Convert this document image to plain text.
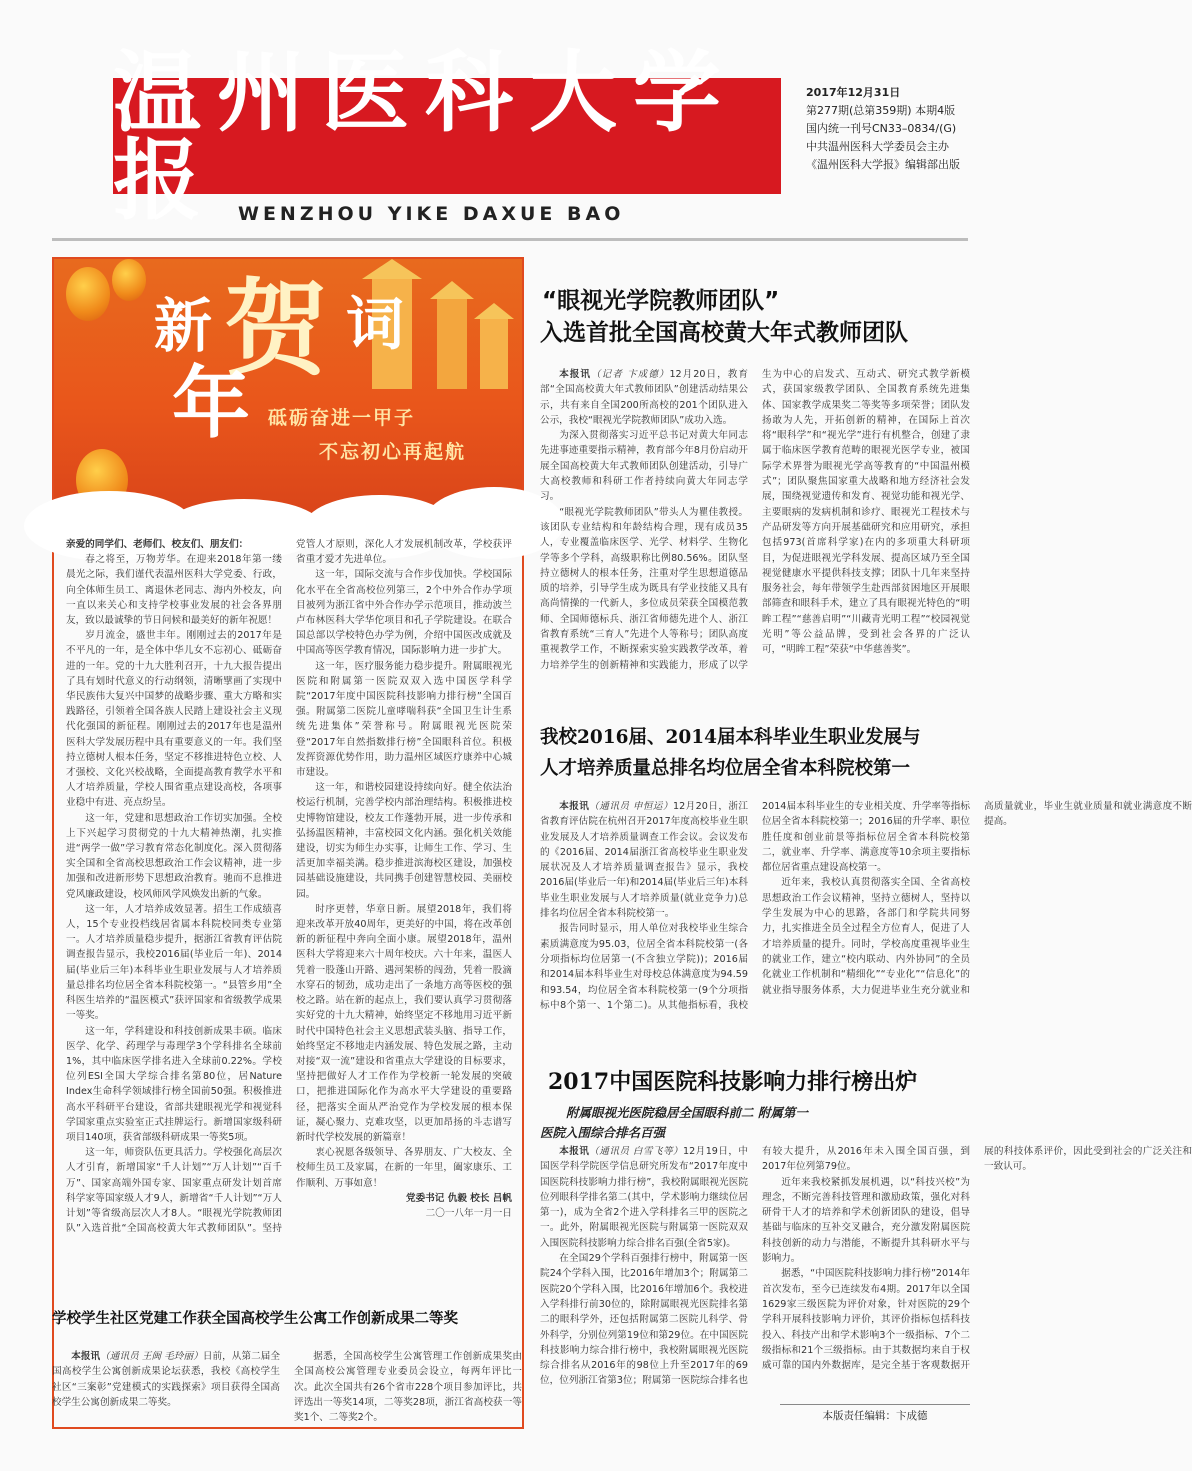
温州医科大学报	WENZHOU YIKE DAXUE BAO
2017年12月31日
第277期(总第359期) 本期4版
国内统一刊号CN33–0834/(G)
中共温州医科大学委员会主办
《温州医科大学报》编辑部出版
新 贺 词
年 砥砺奋进一甲子
不忘初心再起航

亲爱的同学们、老师们、校友们、朋友们：

春之将至，万物芳华。在迎来2018年第一缕晨光之际，我们谨代表温州医科大学党委、行政，向全体师生员工、离退休老同志、海内外校友，向一直以来关心和支持学校事业发展的社会各界朋友，致以最诚挚的节日问候和最美好的新年祝愿！

岁月流金，盛世丰年。刚刚过去的2017年是不平凡的一年，是全体中华儿女不忘初心、砥砺奋进的一年。党的十九大胜利召开，十九大报告提出了具有划时代意义的行动纲领，清晰擘画了实现中华民族伟大复兴中国梦的战略步骤、重大方略和实践路径，引领着全国各族人民踏上建设社会主义现代化强国的新征程。刚刚过去的2017年也是温州医科大学发展历程中具有重要意义的一年。我们坚持立德树人根本任务，坚定不移推进特色立校、人才强校、文化兴校战略，全面提高教育教学水平和人才培养质量，学校人围省重点建设高校，各项事业稳中有进、亮点纷呈。

这一年，党建和思想政治工作切实加强。全校上下兴起学习贯彻党的十九大精神热潮，扎实推进“两学一做”学习教育常态化制度化。深入贯彻落实全国和全省高校思想政治工作会议精神，进一步加强和改进新形势下思想政治教育。驰而不息推进党风廉政建设，校风师风学风焕发出新的气象。

这一年，人才培养成效显著。招生工作成绩喜人，15个专业投档线居省属本科院校同类专业第一。人才培养质量稳步提升，据浙江省教育评估院调查报告显示，我校2016届(毕业后一年)、2014届(毕业后三年)本科毕业生职业发展与人才培养质量总排名均位居全省本科院校第一。“县管乡用”全科医生培养的“温医模式”获评国家和省级教学成果一等奖。

这一年，学科建设和科技创新成果丰硕。临床医学、化学、药理学与毒理学3个学科排名全球前1%，其中临床医学排名进入全球前0.22%。学校位列ESI全国大学综合排名第80位，居Nature Index生命科学领域排行榜全国前50强。积极推进高水平科研平台建设，省部共建眼视光学和视觉科学国家重点实验室正式挂牌运行。新增国家级科研项目140项，获省部级科研成果一等奖5项。

这一年，师资队伍更具活力。学校强化高层次人才引育，新增国家“千人计划”“万人计划”“百千万”、国家高端外国专家、国家重点研发计划首席科学家等国家级人才9人，新增省“千人计划”“万人计划”等省级高层次人才8人。“眼视光学院教师团队”入选首批“全国高校黄大年式教师团队”。坚持党管人才原则，深化人才发展机制改革，学校获评省重才爱才先进单位。

这一年，国际交流与合作步伐加快。学校国际化水平在全省高校位列第三，2个中外合作办学项目被列为浙江省中外合作办学示范项目，推动波兰卢布林医科大学华佗项目和孔子学院建设。在联合国总部以学校特色办学为例，介绍中国医改成就及中国高等医学教育情况，国际影响力进一步扩大。

这一年，医疗服务能力稳步提升。附属眼视光医院和附属第一医院双双入选中国医学科学院“2017年度中国医院科技影响力排行榜”全国百强。附属第二医院儿童哮喘科获“全国卫生计生系统先进集体”荣誉称号。附属眼视光医院荣登“2017年自然指数排行榜”全国眼科首位。积极发挥资源优势作用，助力温州区域医疗康养中心城市建设。

这一年，和谐校园建设持续向好。健全依法治校运行机制，完善学校内部治理结构。积极推进校史博物馆建设，校友工作蓬勃开展，进一步传承和弘扬温医精神，丰富校园文化内涵。强化机关效能建设，切实为师生办实事，让师生工作、学习、生活更加幸福美满。稳步推进滨海校区建设，加强校园基础设施建设，共同携手创建智慧校园、美丽校园。

时序更替，华章日新。展望2018年，我们将迎来改革开放40周年，更美好的中国，将在改革创新的新征程中奔向全面小康。展望2018年，温州医科大学将迎来六十周年校庆。六十年来，温医人凭着一股蓬山开路、遇河架桥的闯劲，凭着一股滴水穿石的韧劲，成功走出了一条地方高等医校的强校之路。站在新的起点上，我们要认真学习贯彻落实好党的十九大精神，始终坚定不移地用习近平新时代中国特色社会主义思想武装头脑、指导工作，始终坚定不移地走内涵发展、特色发展之路，主动对接“双一流”建设和省重点大学建设的目标要求，坚持把做好人才工作作为学校新一轮发展的突破口，把推进国际化作为高水平大学建设的重要路径，把落实全面从严治党作为学校发展的根本保证，凝心聚力、克难攻坚，以更加昂扬的斗志谱写新时代学校发展的新篇章！

衷心祝愿各级领导、各界朋友、广大校友、全校师生员工及家属，在新的一年里，阖家康乐、工作顺利、万事如意！

党委书记 仇毅 校长 吕帆

二〇一八年一月一日

“眼视光学院教师团队”
入选首批全国高校黄大年式教师团队

本报讯（记者 卞成德）12月20日，教育部“全国高校黄大年式教师团队”创建活动结果公示，共有来自全国200所高校的201个团队进入公示，我校“眼视光学院教师团队”成功入选。

为深入贯彻落实习近平总书记对黄大年同志先进事迹重要指示精神，教育部今年8月份启动开展全国高校黄大年式教师团队创建活动，引导广大高校教师和科研工作者持续向黄大年同志学习。

“眼视光学院教师团队”带头人为瞿佳教授。该团队专业结构和年龄结构合理，现有成员35人，专业覆盖临床医学、光学、材料学、生物化学等多个学科，高级职称比例80.56%。团队坚持立德树人的根本任务，注重对学生思想道德品质的培养，引导学生成为既具有学业技能又具有高尚情操的一代新人，多位成员荣获全国模范教师、全国师德标兵、浙江省师德先进个人、浙江省教育系统“三育人”先进个人等称号；团队高度重视教学工作，不断探索实验实践教学改革，着力培养学生的创新精神和实践能力，形成了以学生为中心的启发式、互动式、研究式教学新模式，获国家级教学团队、全国教育系统先进集体、国家教学成果奖二等奖等多项荣誉；团队发扬敢为人先，开拓创新的精神，在国际上首次将“眼科学”和“视光学”进行有机整合，创建了隶属于临床医学教育范畴的眼视光医学专业，被国际学术界誉为眼视光学高等教育的“中国温州模式”；团队聚焦国家重大战略和地方经济社会发展，围绕视觉遗传和发育、视觉功能和视光学、主要眼病的发病机制和诊疗、眼视光工程技术与产品研发等方向开展基础研究和应用研究，承担包括973(首席科学家)在内的多项重大科研项目，为促进眼视光学科发展、提高区域乃至全国视觉健康水平提供科技支撑；团队十几年来坚持服务社会，每年带领学生赴西部贫困地区开展眼部筛查和眼科手术，建立了具有眼视光特色的“明眸工程”“慈善启明”“川藏青光明工程”“校园视觉光明”等公益品牌，受到社会各界的广泛认可，“明眸工程”荣获“中华慈善奖”。

我校2016届、2014届本科毕业生职业发展与
人才培养质量总排名均位居全省本科院校第一

本报讯（通讯员 申恒运）12月20日，浙江省教育评估院在杭州召开2017年度高校毕业生职业发展及人才培养质量调查工作会议。会议发布的《2016届、2014届浙江省高校毕业生职业发展状况及人才培养质量调查报告》显示，我校2016届(毕业后一年)和2014届(毕业后三年)本科毕业生职业发展与人才培养质量(就业竞争力)总排名均位居全省本科院校第一。

报告同时显示，用人单位对我校毕业生综合素质满意度为95.03，位居全省本科院校第一(各分项指标均位居第一(不含独立学院))；2016届和2014届本科毕业生对母校总体满意度为94.59和93.54，均位居全省本科院校第一(9个分项指标中8个第一、1个第二)。从其他指标看，我校2014届本科毕业生的专业相关度、升学率等指标位居全省本科院校第一；2016届的升学率、职位胜任度和创业前景等指标位居全省本科院校第二，就业率、升学率、满意度等10余项主要指标都位居省重点建设高校第一。

近年来，我校认真贯彻落实全国、全省高校思想政治工作会议精神，坚持立德树人，坚持以学生发展为中心的思路，各部门和学院共同努力，扎实推进全员全过程全方位育人，促进了人才培养质量的提升。同时，学校高度重视毕业生的就业工作，建立“校内联动、内外协同”的全员化就业工作机制和“精细化”“专业化”“信息化”的就业指导服务体系，大力促进毕业生充分就业和高质量就业，毕业生就业质量和就业满意度不断提高。

2017中国医院科技影响力排行榜出炉
附属眼视光医院稳居全国眼科前二 附属第一
医院入围综合排名百强

本报讯（通讯员 白雪飞等）12月19日，中国医学科学院医学信息研究所发布“2017年度中国医院科技影响力排行榜”，我校附属眼视光医院位列眼科学排名第二(其中，学术影响力继续位居第一)，成为全省2个进入学科排名三甲的医院之一。此外，附属眼视光医院与附属第一医院双双入围医院科技影响力综合排名百强(全省5家)。

在全国29个学科百强排行榜中，附属第一医院24个学科入围，比2016年增加3个；附属第二医院20个学科入围，比2016年增加6个。我校进入学科排行前30位的，除附属眼视光医院排名第二的眼科学外，还包括附属第二医院儿科学、骨外科学，分别位列第19位和第29位。在中国医院科技影响力综合排行榜中，我校附属眼视光医院综合排名从2016年的98位上升至2017年的69位，位列浙江省第3位；附属第一医院综合排名也有较大提升，从2016年未入围全国百强，到2017年位列第79位。

近年来我校紧抓发展机遇，以“科技兴校”为理念，不断完善科技管理和激励政策，强化对科研骨干人才的培养和学术创新团队的建设，倡导基础与临床的互补交叉融合，充分激发附属医院科技创新的动力与潜能，不断提升其科研水平与影响力。

据悉，“中国医院科技影响力排行榜”2014年首次发布，至今已连续发布4期。2017年以全国1629家三级医院为评价对象，针对医院的29个学科开展科技影响力评价，其评价指标包括科技投入、科技产出和学术影响3个一级指标、7个二级指标和21个三级指标。由于其数据均来自于权威可靠的国内外数据库，是完全基于客观数据开展的科技体系评价，因此受到社会的广泛关注和一致认可。

学校学生社区党建工作获全国高校学生公寓工作创新成果二等奖

本报讯（通讯员 王闽 毛玲丽）日前，从第二届全国高校学生公寓创新成果论坛获悉，我校《高校学生社区“三案彰”党建模式的实践探索》项目获得全国高校学生公寓创新成果二等奖。

据悉，全国高校学生公寓管理工作创新成果奖由全国高校公寓管理专业委员会设立，每两年评比一次。此次全国共有26个省市228个项目参加评比，共评选出一等奖14项，二等奖28项，浙江省高校获一等奖1个、二等奖2个。	本版责任编辑：卞成德
